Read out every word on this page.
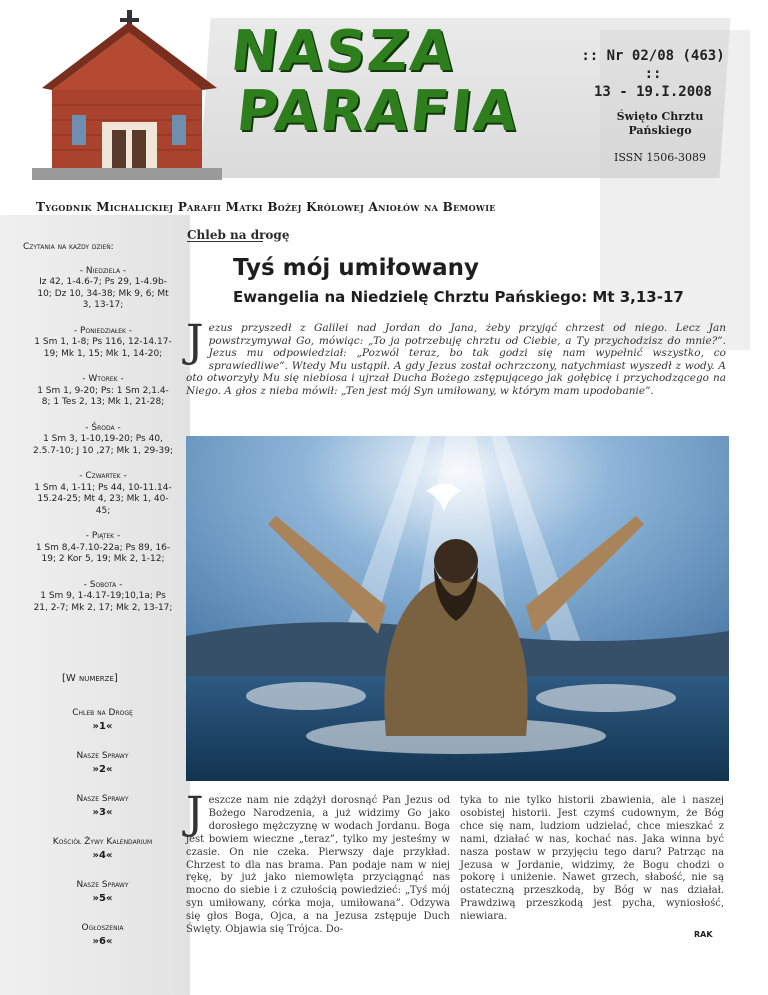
NASZA
PARAFIA
:: Nr 02/08 (463) ::
13 - 19.I.2008
Święto Chrztu
Pańskiego
ISSN 1506-3089
Tygodnik Michalickiej Parafii Matki Bożej Królowej Aniołów na Bemowie
Czytania na każdy dzień:
- Niedziela -
Iz 42, 1-4.6-7; Ps 29, 1-4.9b-10; Dz 10, 34-38; Mk 9, 6; Mt 3, 13-17;
- Poniedziałek -
1 Sm 1, 1-8; Ps 116, 12-14.17-19; Mk 1, 15; Mk 1, 14-20;
- Wtorek -
1 Sm 1, 9-20; Ps: 1 Sm 2,1.4-8; 1 Tes 2, 13; Mk 1, 21-28;
- Środa -
1 Sm 3, 1-10,19-20; Ps 40, 2.5.7-10; J 10 ,27; Mk 1, 29-39;
- Czwartek -
1 Sm 4, 1-11; Ps 44, 10-11.14-15.24-25; Mt 4, 23; Mk 1, 40-45;
- Piątek -
1 Sm 8,4-7.10-22a; Ps 89, 16-19; 2 Kor 5, 19; Mk 2, 1-12;
- Sobota -
1 Sm 9, 1-4.17-19;10,1a; Ps 21, 2-7; Mk 2, 17; Mk 2, 13-17;
[W numerze]
Chleb na Drogę
»1«
Nasze Sprawy
»2«
Nasze Sprawy
»3«
Kościół Żywy Kalendarium
»4«
Nasze Sprawy
»5«
Ogłoszenia
»6«
Chleb na drogę
Tyś mój umiłowany
Ewangelia na Niedzielę Chrztu Pańskiego: Mt 3,13-17
J ezus przyszedł z Galilei nad Jordan do Jana, żeby przyjąć chrzest od niego. Lecz Jan powstrzymywał Go, mówiąc: „To ja potrzebuję chrztu od Ciebie, a Ty przychodzisz do mnie?”. Jezus mu odpowiedział: „Pozwól teraz, bo tak godzi się nam wypełnić wszystko, co sprawiedliwe”. Wtedy Mu ustąpił. A gdy Jezus został ochrzczony, natychmiast wyszedł z wody. A oto otworzyły Mu się niebiosa i ujrzał Ducha Bożego zstępującego jak gołębicę i przychodzącego na Niego. A głos z nieba mówił: „Ten jest mój Syn umiłowany, w którym mam upodobanie”.
J eszcze nam nie zdążył dorosnąć Pan Jezus od Bożego Narodzenia, a już widzimy Go jako dorosłego mężczyznę w wodach Jordanu. Boga jest bowiem wieczne „teraz”, tylko my jesteśmy w czasie. On nie czeka. Pierwszy daje przykład. Chrzest to dla nas brama. Pan podaje nam w niej rękę, by już jako niemowlęta przyciągnąć nas mocno do siebie i z czułością powiedzieć: „Tyś mój syn umiłowany, córka moja, umiłowana”. Odzywa się głos Boga, Ojca, a na Jezusa zstępuje Duch Święty. Objawia się Trójca. Do-
tyka to nie tylko historii zbawienia, ale i naszej osobistej historii. Jest czymś cudownym, że Bóg chce się nam, ludziom udzielać, chce mieszkać z nami, działać w nas, kochać nas. Jaka winna być nasza postaw w przyjęciu tego daru? Patrząc na Jezusa w Jordanie, widzimy, że Bogu chodzi o pokorę i uniżenie. Nawet grzech, słabość, nie są ostateczną przeszkodą, by Bóg w nas działał. Prawdziwą przeszkodą jest pycha, wyniosłość, niewiara.
RAK
